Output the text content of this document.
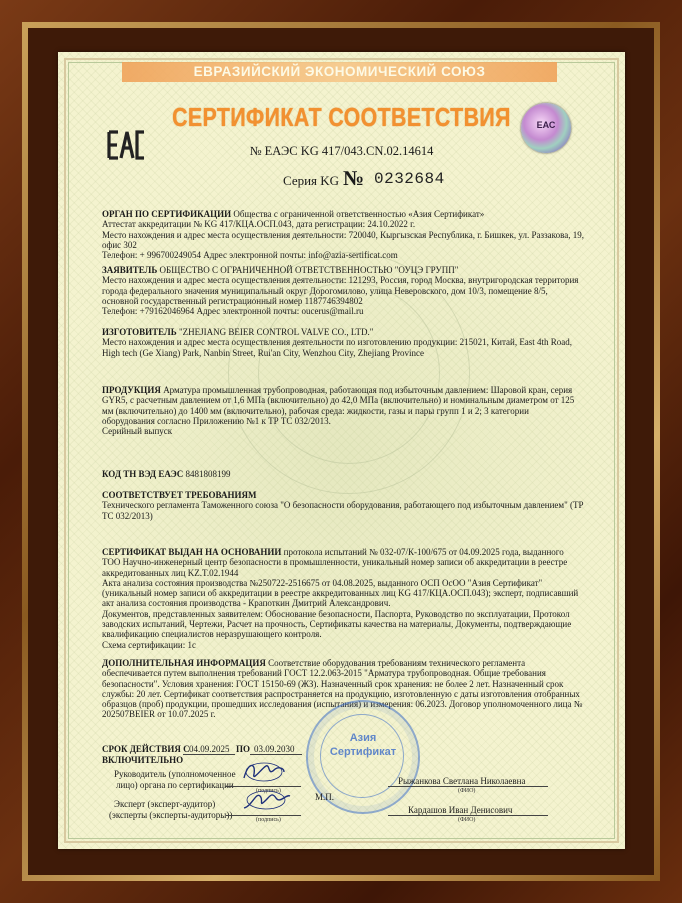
ЕВРАЗИЙСКИЙ ЭКОНОМИЧЕСКИЙ СОЮЗ
СЕРТИФИКАТ СООТВЕТСТВИЯ	ЕАС
№ ЕАЭС KG 417/043.CN.02.14614
Серия KG № 0232684
ОРГАН ПО СЕРТИФИКАЦИИ Общества с ограниченной ответственностью «Азия Сертификат»
Аттестат аккредитации № KG 417/КЦА.ОСП.043, дата регистрации: 24.10.2022 г.
Место нахождения и адрес места осуществления деятельности: 720040, Кыргызская Республика, г. Бишкек, ул. Раззакова, 19, офис 302
Телефон: + 996700249054 Адрес электронной почты: info@azia-sertificat.com
ЗАЯВИТЕЛЬ ОБЩЕСТВО С ОГРАНИЧЕННОЙ ОТВЕТСТВЕННОСТЬЮ "ОУЦЭ ГРУПП"
Место нахождения и адрес места осуществления деятельности: 121293, Россия, город Москва, внутригородская территория города федерального значения муниципальный округ Дорогомилово, улица Неверовского, дом 10/3, помещение 8/5, основной государственный регистрационный номер 1187746394802
Телефон: +79162046964 Адрес электронной почты: oucerus@mail.ru
ИЗГОТОВИТЕЛЬ "ZHEJIANG BEIER CONTROL VALVE CO., LTD."
Место нахождения и адрес места осуществления деятельности по изготовлению продукции: 215021, Китай, East 4th Road, High tech (Ge Xiang) Park, Nanbin Street, Rui'an City, Wenzhou City, Zhejiang Province
ПРОДУКЦИЯ Арматура промышленная трубопроводная, работающая под избыточным давлением: Шаровой кран, серия GYR5, с расчетным давлением от 1,6 МПа (включительно) до 42,0 МПа (включительно) и номинальным диаметром от 125 мм (включительно) до 1400 мм (включительно), рабочая среда: жидкости, газы и пары групп 1 и 2; 3 категории оборудования согласно Приложению №1 к ТР ТС 032/2013.
Серийный выпуск
КОД ТН ВЭД ЕАЭС 8481808199
СООТВЕТСТВУЕТ ТРЕБОВАНИЯМ
Технического регламента Таможенного союза "О безопасности оборудования, работающего под избыточным давлением" (ТР ТС 032/2013)
СЕРТИФИКАТ ВЫДАН НА ОСНОВАНИИ протокола испытаний № 032-07/К-100/675 от 04.09.2025 года, выданного ТОО Научно-инженерный центр безопасности в промышленности, уникальный номер записи об аккредитации в реестре аккредитованных лиц KZ.T.02.1944
Акта анализа состояния производства №250722-2516675 от 04.08.2025, выданного ОСП ОсОО "Азия Сертификат" (уникальный номер записи об аккредитации в реестре аккредитованных лиц KG 417/КЦА.ОСП.043); эксперт, подписавший акт анализа состояния производства - Крапоткин Дмитрий Александрович.
Документов, представленных заявителем: Обоснование безопасности, Паспорта, Руководство по эксплуатации, Протокол заводских испытаний, Чертежи, Расчет на прочность, Сертификаты качества на материалы, Документы, подтверждающие квалификацию специалистов неразрушающего контроля.
Схема сертификации: 1с
ДОПОЛНИТЕЛЬНАЯ ИНФОРМАЦИЯ Соответствие оборудования требованиям технического регламента обеспечивается путем выполнения требований ГОСТ 12.2.063-2015 "Арматура трубопроводная. Общие требования безопасности". Условия хранения: ГОСТ 15150-69 (ЖЗ). Назначенный срок хранения: не более 2 лет. Назначенный срок службы: 20 лет. Сертификат соответствия распространяется на продукцию, изготовленную с даты изготовления отобранных образцов (проб) продукции, прошедших исследования (испытания) и измерения: 06.2023. Договор уполномоченного лица № 202507BEIER от 10.07.2025 г.
СРОК ДЕЙСТВИЯ С 04.09.2025 ПО 03.09.2030
ВКЛЮЧИТЕЛЬНО
Азия
Сертификат
Руководитель (уполномоченное
лицо) органа по сертификации
(подпись)
Рыжанкова Светлана Николаевна
(ФИО)
М.П.
Эксперт (эксперт-аудитор)
(эксперты (эксперты-аудиторы))	(подпись)
Кардашов Иван Денисович
(ФИО)
